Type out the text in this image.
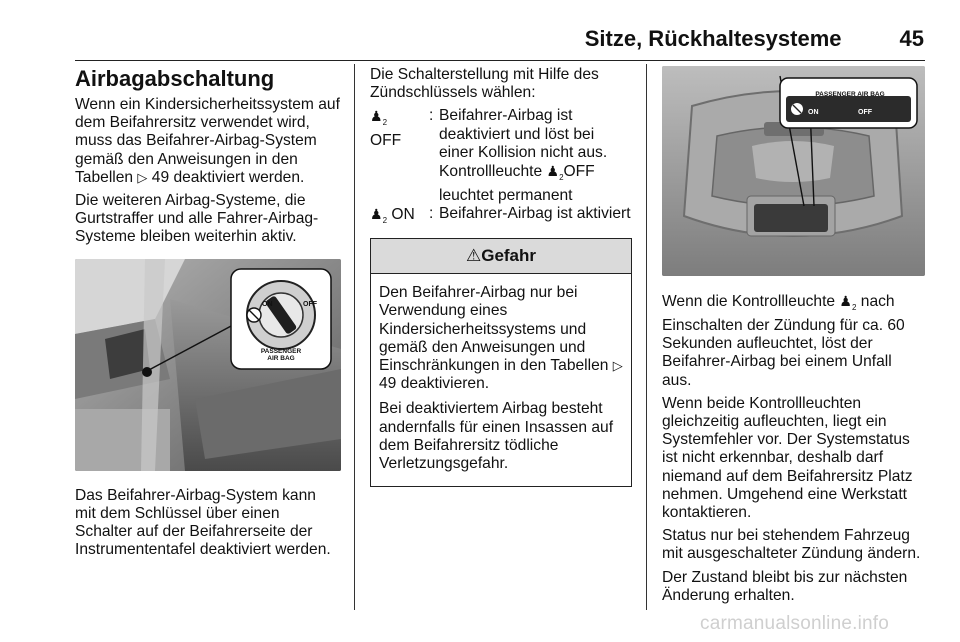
Sitze, Rückhaltesysteme	45
Airbagabschaltung

Wenn ein Kindersicherheitssystem auf dem Beifahrersitz verwendet wird, muss das Beifahrer-Airbag-System gemäß den Anweisungen in den Tabellen ▷ 49 deaktiviert werden.

Die weiteren Airbag-Systeme, die Gurtstraffer und alle Fahrer-Airbag-Systeme bleiben weiterhin aktiv.

ON	OFF
PASSENGER
AIR BAG

Das Beifahrer-Airbag-System kann mit dem Schlüssel über einen Schalter auf der Beifahrerseite der Instrumententafel deaktiviert werden.

Die Schalterstellung mit Hilfe des Zündschlüssels wählen:

$♟_2$
OFF
: Beifahrer-Airbag ist deaktiviert und löst bei einer Kollision nicht aus. Kontrollleuchte $♟_2OFF$ leuchtet permanent
$♟_2$ ON : Beifahrer-Airbag ist aktiviert
⚠Gefahr

Den Beifahrer-Airbag nur bei Verwendung eines Kindersicherheitssystems und gemäß den Anweisungen und Einschränkungen in den Tabellen ▷ 49 deaktivieren.

Bei deaktiviertem Airbag besteht andernfalls für einen Insassen auf dem Beifahrersitz tödliche Verletzungsgefahr.

PASSENGER AIR BAG
ON	OFF

Wenn die Kontrollleuchte $♟_2$ nach Einschalten der Zündung für ca. 60 Sekunden aufleuchtet, löst der Beifahrer-Airbag bei einem Unfall aus.

Wenn beide Kontrollleuchten gleichzeitig aufleuchten, liegt ein Systemfehler vor. Der Systemstatus ist nicht erkennbar, deshalb darf niemand auf dem Beifahrersitz Platz nehmen. Umgehend eine Werkstatt kontaktieren.

Status nur bei stehendem Fahrzeug mit ausgeschalteter Zündung ändern.

Der Zustand bleibt bis zur nächsten Änderung erhalten.

carmanualsonline.info
